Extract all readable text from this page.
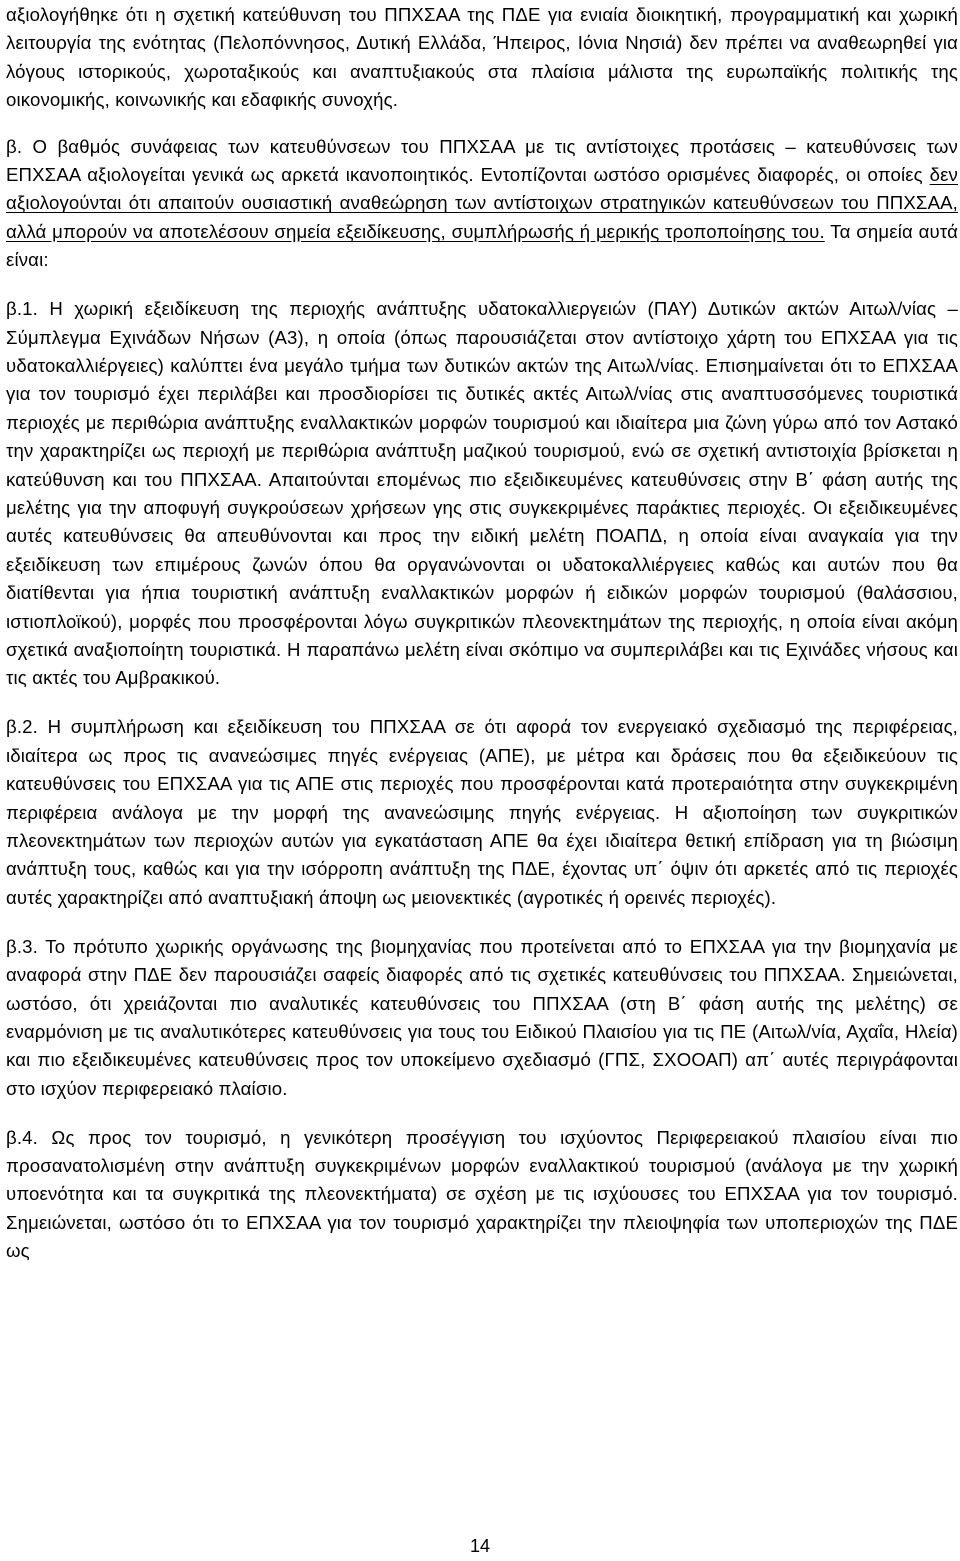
αξιολογήθηκε ότι η σχετική κατεύθυνση του ΠΠΧΣΑΑ της ΠΔΕ για ενιαία διοικητική, προγραμματική και χωρική λειτουργία της ενότητας (Πελοπόννησος, Δυτική Ελλάδα, Ήπειρος, Ιόνια Νησιά) δεν πρέπει να αναθεωρηθεί για λόγους ιστορικούς, χωροταξικούς και αναπτυξιακούς στα πλαίσια μάλιστα της ευρωπαϊκής πολιτικής της οικονομικής, κοινωνικής και εδαφικής συνοχής.

β. Ο βαθμός συνάφειας των κατευθύνσεων του ΠΠΧΣΑΑ με τις αντίστοιχες προτάσεις – κατευθύνσεις των ΕΠΧΣΑΑ αξιολογείται γενικά ως αρκετά ικανοποιητικός. Εντοπίζονται ωστόσο ορισμένες διαφορές, οι οποίες δεν αξιολογούνται ότι απαιτούν ουσιαστική αναθεώρηση των αντίστοιχων στρατηγικών κατευθύνσεων του ΠΠΧΣΑΑ, αλλά μπορούν να αποτελέσουν σημεία εξειδίκευσης, συμπλήρωσής ή μερικής τροποποίησης του. Τα σημεία αυτά είναι:

β.1. Η χωρική εξειδίκευση της περιοχής ανάπτυξης υδατοκαλλιεργειών (ΠΑΥ) Δυτικών ακτών Αιτωλ/νίας – Σύμπλεγμα Εχινάδων Νήσων (Α3), η οποία (όπως παρουσιάζεται στον αντίστοιχο χάρτη του ΕΠΧΣΑΑ για τις υδατοκαλλιέργειες) καλύπτει ένα μεγάλο τμήμα των δυτικών ακτών της Αιτωλ/νίας. Επισημαίνεται ότι το ΕΠΧΣΑΑ για τον τουρισμό έχει περιλάβει και προσδιορίσει τις δυτικές ακτές Αιτωλ/νίας στις αναπτυσσόμενες τουριστικά περιοχές με περιθώρια ανάπτυξης εναλλακτικών μορφών τουρισμού και ιδιαίτερα μια ζώνη γύρω από τον Αστακό την χαρακτηρίζει ως περιοχή με περιθώρια ανάπτυξη μαζικού τουρισμού, ενώ σε σχετική αντιστοιχία βρίσκεται η κατεύθυνση και του ΠΠΧΣΑΑ. Απαιτούνται επομένως πιο εξειδικευμένες κατευθύνσεις στην Β΄ φάση αυτής της μελέτης για την αποφυγή συγκρούσεων χρήσεων γης στις συγκεκριμένες παράκτιες περιοχές. Οι εξειδικευμένες αυτές κατευθύνσεις θα απευθύνονται και προς την ειδική μελέτη ΠΟΑΠΔ, η οποία είναι αναγκαία για την εξειδίκευση των επιμέρους ζωνών όπου θα οργανώνονται οι υδατοκαλλιέργειες καθώς και αυτών που θα διατίθενται για ήπια τουριστική ανάπτυξη εναλλακτικών μορφών ή ειδικών μορφών τουρισμού (θαλάσσιου, ιστιοπλοϊκού), μορφές που προσφέρονται λόγω συγκριτικών πλεονεκτημάτων της περιοχής, η οποία είναι ακόμη σχετικά αναξιοποίητη τουριστικά. Η παραπάνω μελέτη είναι σκόπιμο να συμπεριλάβει και τις Εχινάδες νήσους και τις ακτές του Αμβρακικού.

β.2. Η συμπλήρωση και εξειδίκευση του ΠΠΧΣΑΑ σε ότι αφορά τον ενεργειακό σχεδιασμό της περιφέρειας, ιδιαίτερα ως προς τις ανανεώσιμες πηγές ενέργειας (ΑΠΕ), με μέτρα και δράσεις που θα εξειδικεύουν τις κατευθύνσεις του ΕΠΧΣΑΑ για τις ΑΠΕ στις περιοχές που προσφέρονται κατά προτεραιότητα στην συγκεκριμένη περιφέρεια ανάλογα με την μορφή της ανανεώσιμης πηγής ενέργειας. Η αξιοποίηση των συγκριτικών πλεονεκτημάτων των περιοχών αυτών για εγκατάσταση ΑΠΕ θα έχει ιδιαίτερα θετική επίδραση για τη βιώσιμη ανάπτυξη τους, καθώς και για την ισόρροπη ανάπτυξη της ΠΔΕ, έχοντας υπ΄ όψιν ότι αρκετές από τις περιοχές αυτές χαρακτηρίζει από αναπτυξιακή άποψη ως μειονεκτικές (αγροτικές ή ορεινές περιοχές).

β.3. Το πρότυπο χωρικής οργάνωσης της βιομηχανίας που προτείνεται από το ΕΠΧΣΑΑ για την βιομηχανία με αναφορά στην ΠΔΕ δεν παρουσιάζει σαφείς διαφορές από τις σχετικές κατευθύνσεις του ΠΠΧΣΑΑ. Σημειώνεται, ωστόσο, ότι χρειάζονται πιο αναλυτικές κατευθύνσεις του ΠΠΧΣΑΑ (στη Β΄ φάση αυτής της μελέτης) σε εναρμόνιση με τις αναλυτικότερες κατευθύνσεις για τους του Ειδικού Πλαισίου για τις ΠΕ (Αιτωλ/νία, Αχαΐα, Ηλεία) και πιο εξειδικευμένες κατευθύνσεις προς τον υποκείμενο σχεδιασμό (ΓΠΣ, ΣΧΟΟΑΠ) απ΄ αυτές περιγράφονται στο ισχύον περιφερειακό πλαίσιο.

β.4. Ως προς τον τουρισμό, η γενικότερη προσέγγιση του ισχύοντος Περιφερειακού πλαισίου είναι πιο προσανατολισμένη στην ανάπτυξη συγκεκριμένων μορφών εναλλακτικού τουρισμού (ανάλογα με την χωρική υποενότητα και τα συγκριτικά της πλεονεκτήματα) σε σχέση με τις ισχύουσες του ΕΠΧΣΑΑ για τον τουρισμό. Σημειώνεται, ωστόσο ότι το ΕΠΧΣΑΑ για τον τουρισμό χαρακτηρίζει την πλειοψηφία των υποπεριοχών της ΠΔΕ ως

14
